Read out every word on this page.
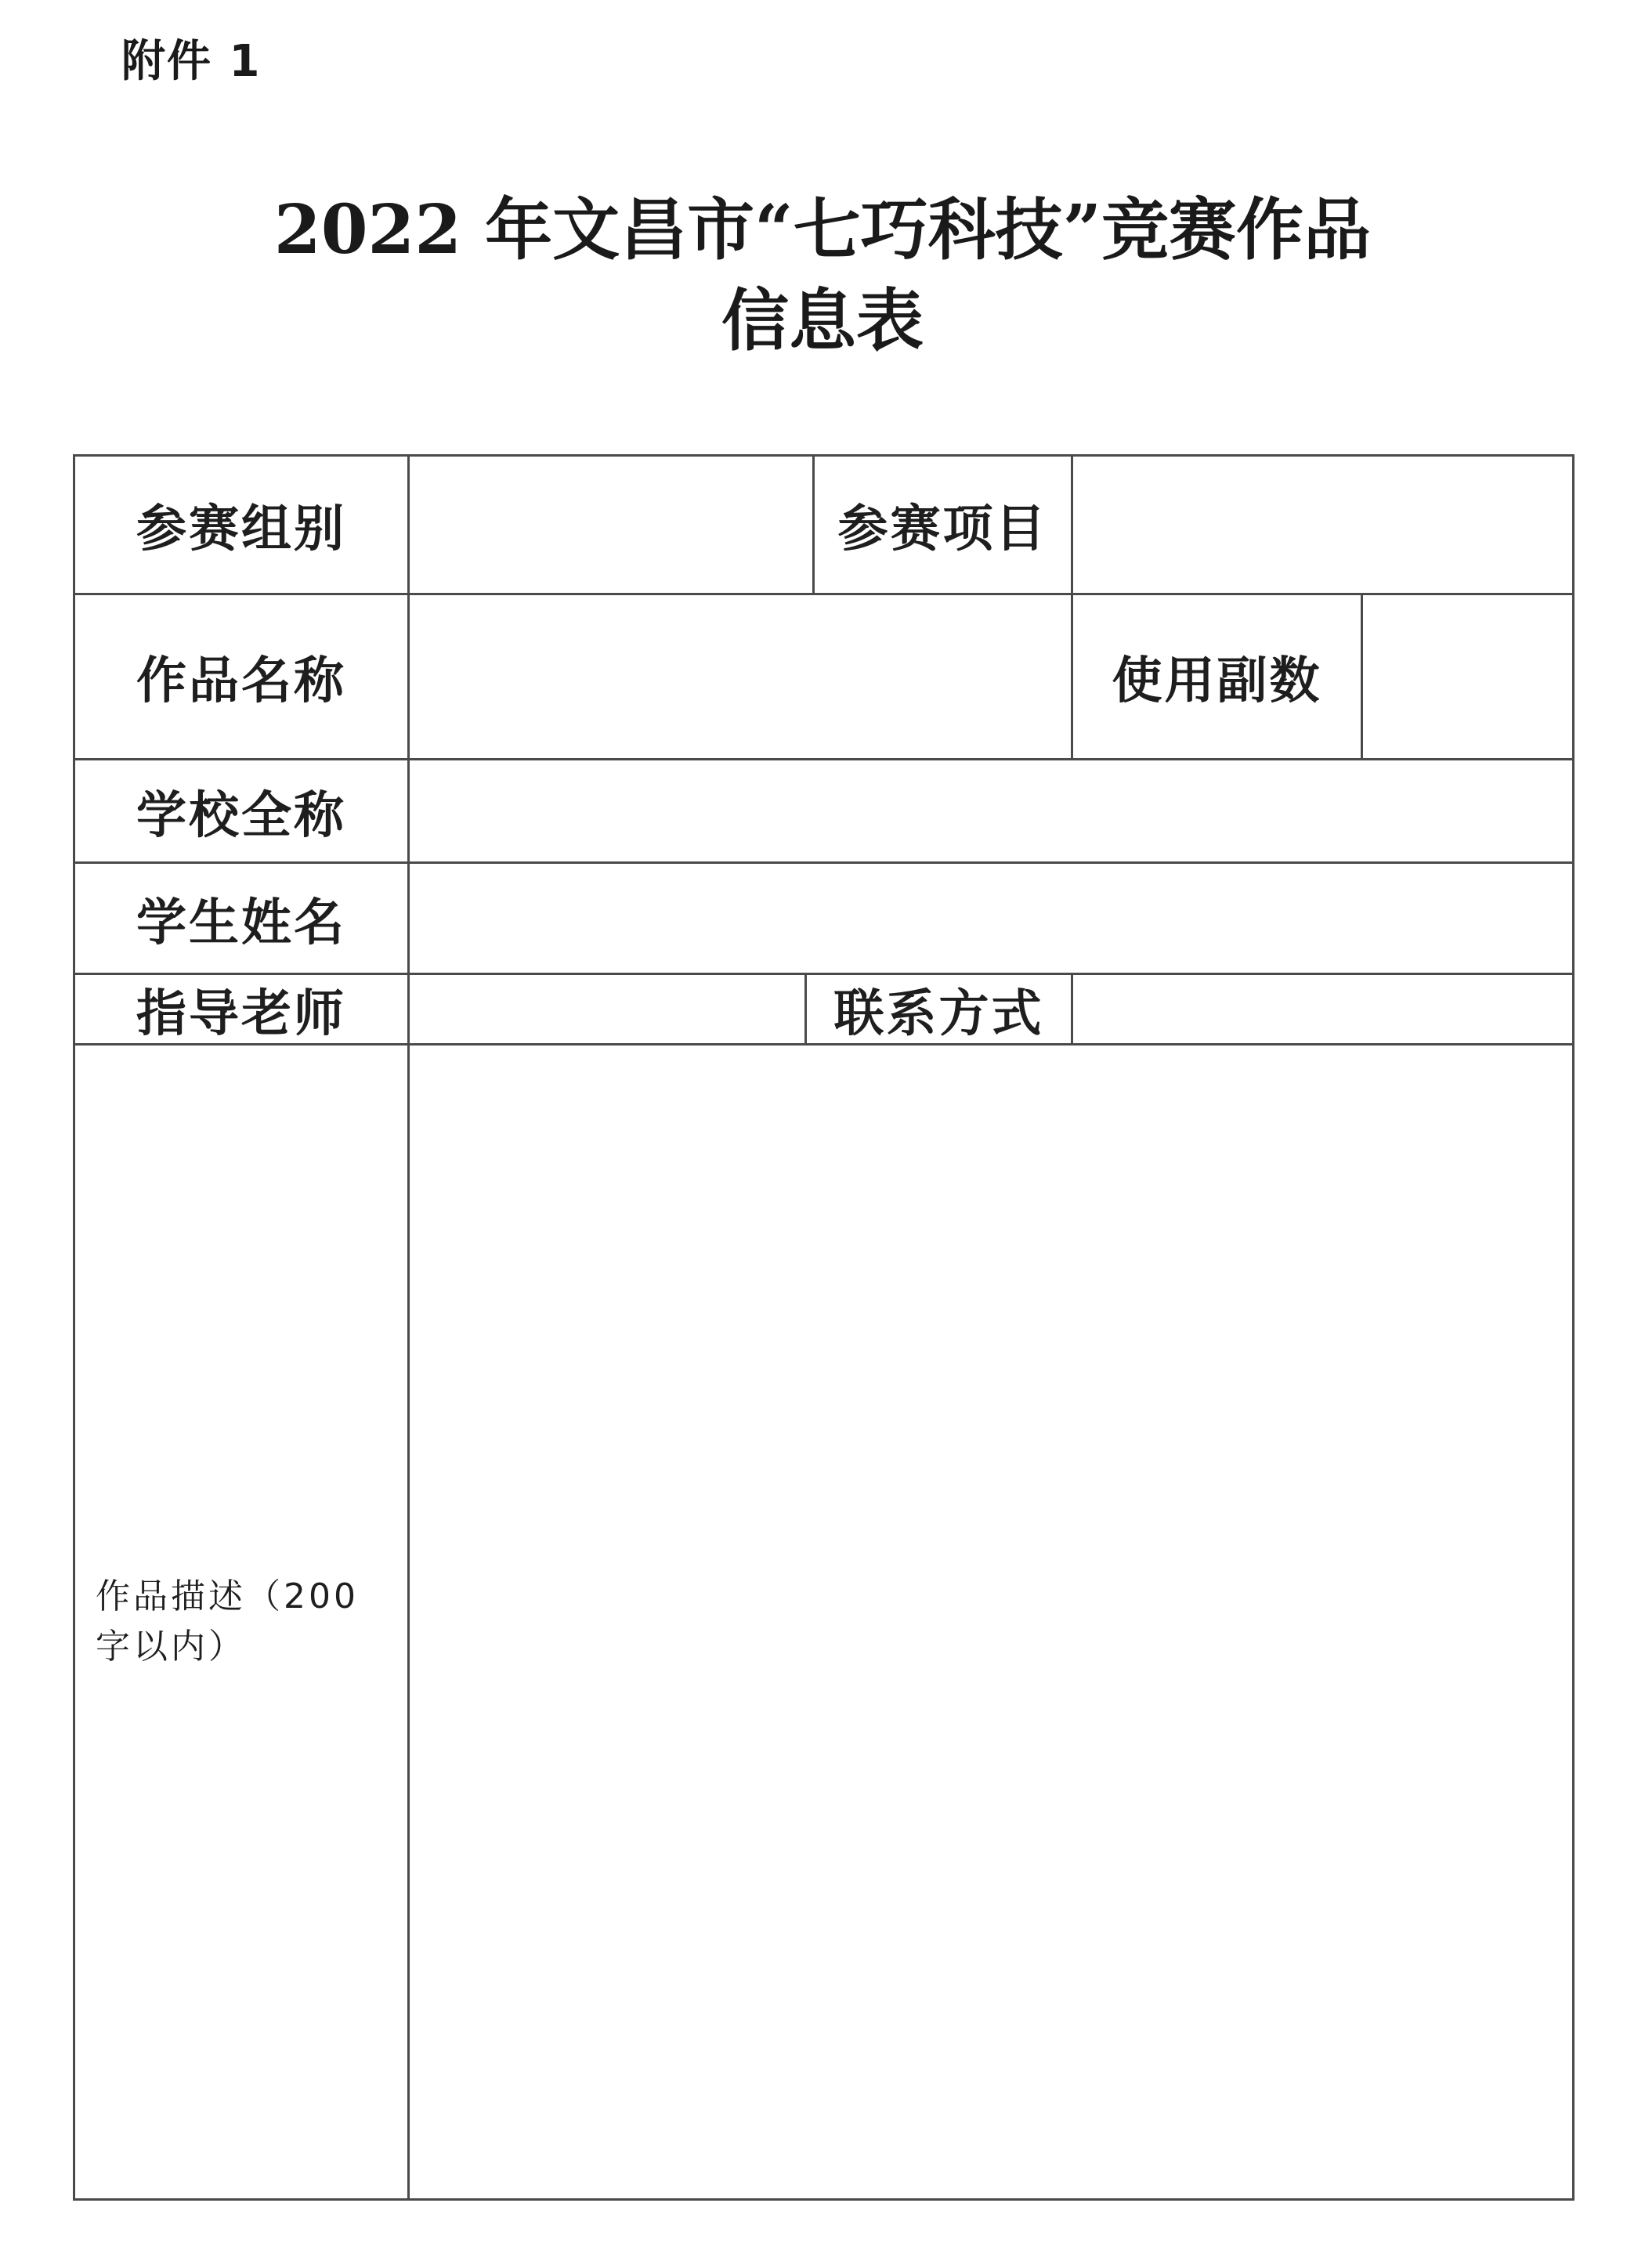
附件 1
2022 年文昌市“七巧科技”竞赛作品
信息表
参赛组别	参赛项目
作品名称	使用副数
学校全称
学生姓名
指导老师	联系方式
作品描述（200 字以内）
